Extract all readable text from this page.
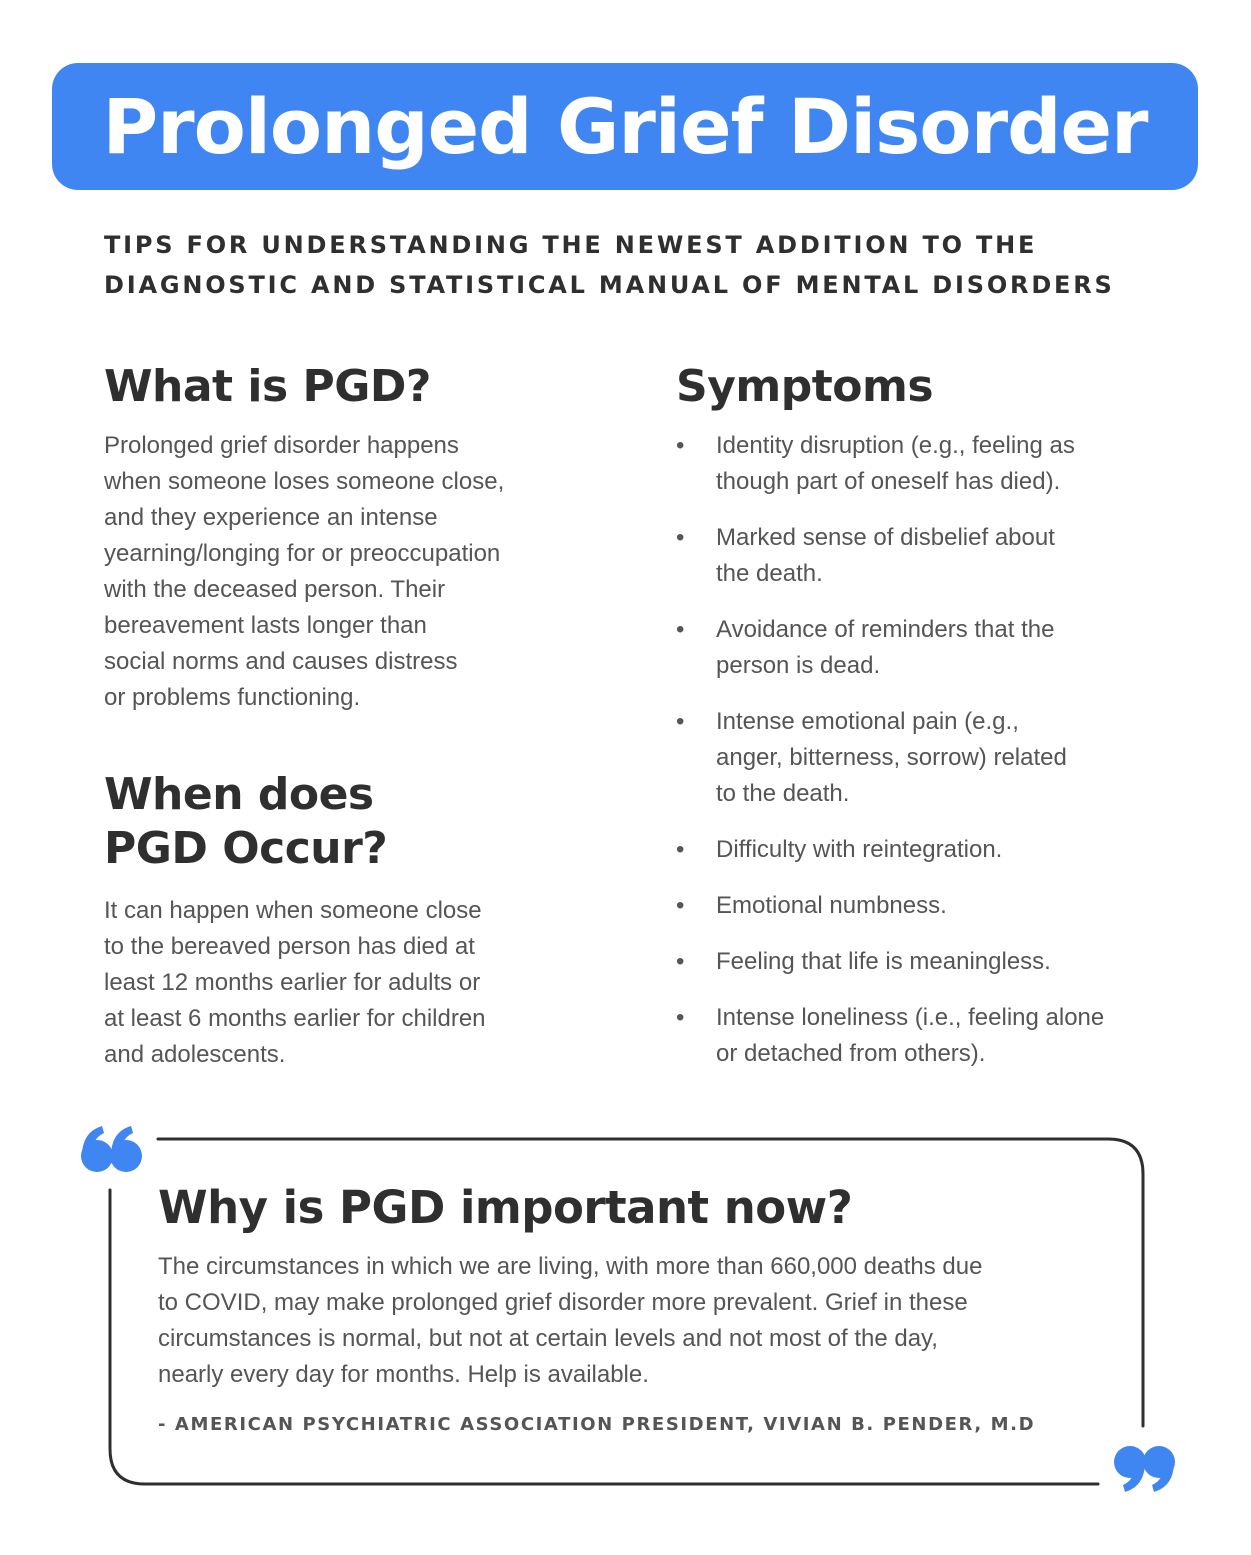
Prolonged Grief Disorder
TIPS FOR UNDERSTANDING THE NEWEST ADDITION TO THE
DIAGNOSTIC AND STATISTICAL MANUAL OF MENTAL DISORDERS
What is PGD?

Prolonged grief disorder happens
when someone loses someone close,
and they experience an intense
yearning/longing for or preoccupation
with the deceased person. Their
bereavement lasts longer than
social norms and causes distress
or problems functioning.

When does
PGD Occur?

It can happen when someone close
to the bereaved person has died at
least 12 months earlier for adults or
at least 6 months earlier for children
and adolescents.

Symptoms
• Identity disruption (e.g., feeling as
though part of oneself has died).
• Marked sense of disbelief about
the death.
• Avoidance of reminders that the
person is dead.
• Intense emotional pain (e.g.,
anger, bitterness, sorrow) related
to the death.
• Difficulty with reintegration.
• Emotional numbness.
• Feeling that life is meaningless.
• Intense loneliness (i.e., feeling alone
or detached from others).
Why is PGD important now?

The circumstances in which we are living, with more than 660,000 deaths due
to COVID, may make prolonged grief disorder more prevalent. Grief in these
circumstances is normal, but not at certain levels and not most of the day,
nearly every day for months. Help is available.

- AMERICAN PSYCHIATRIC ASSOCIATION PRESIDENT, VIVIAN B. PENDER, M.D
